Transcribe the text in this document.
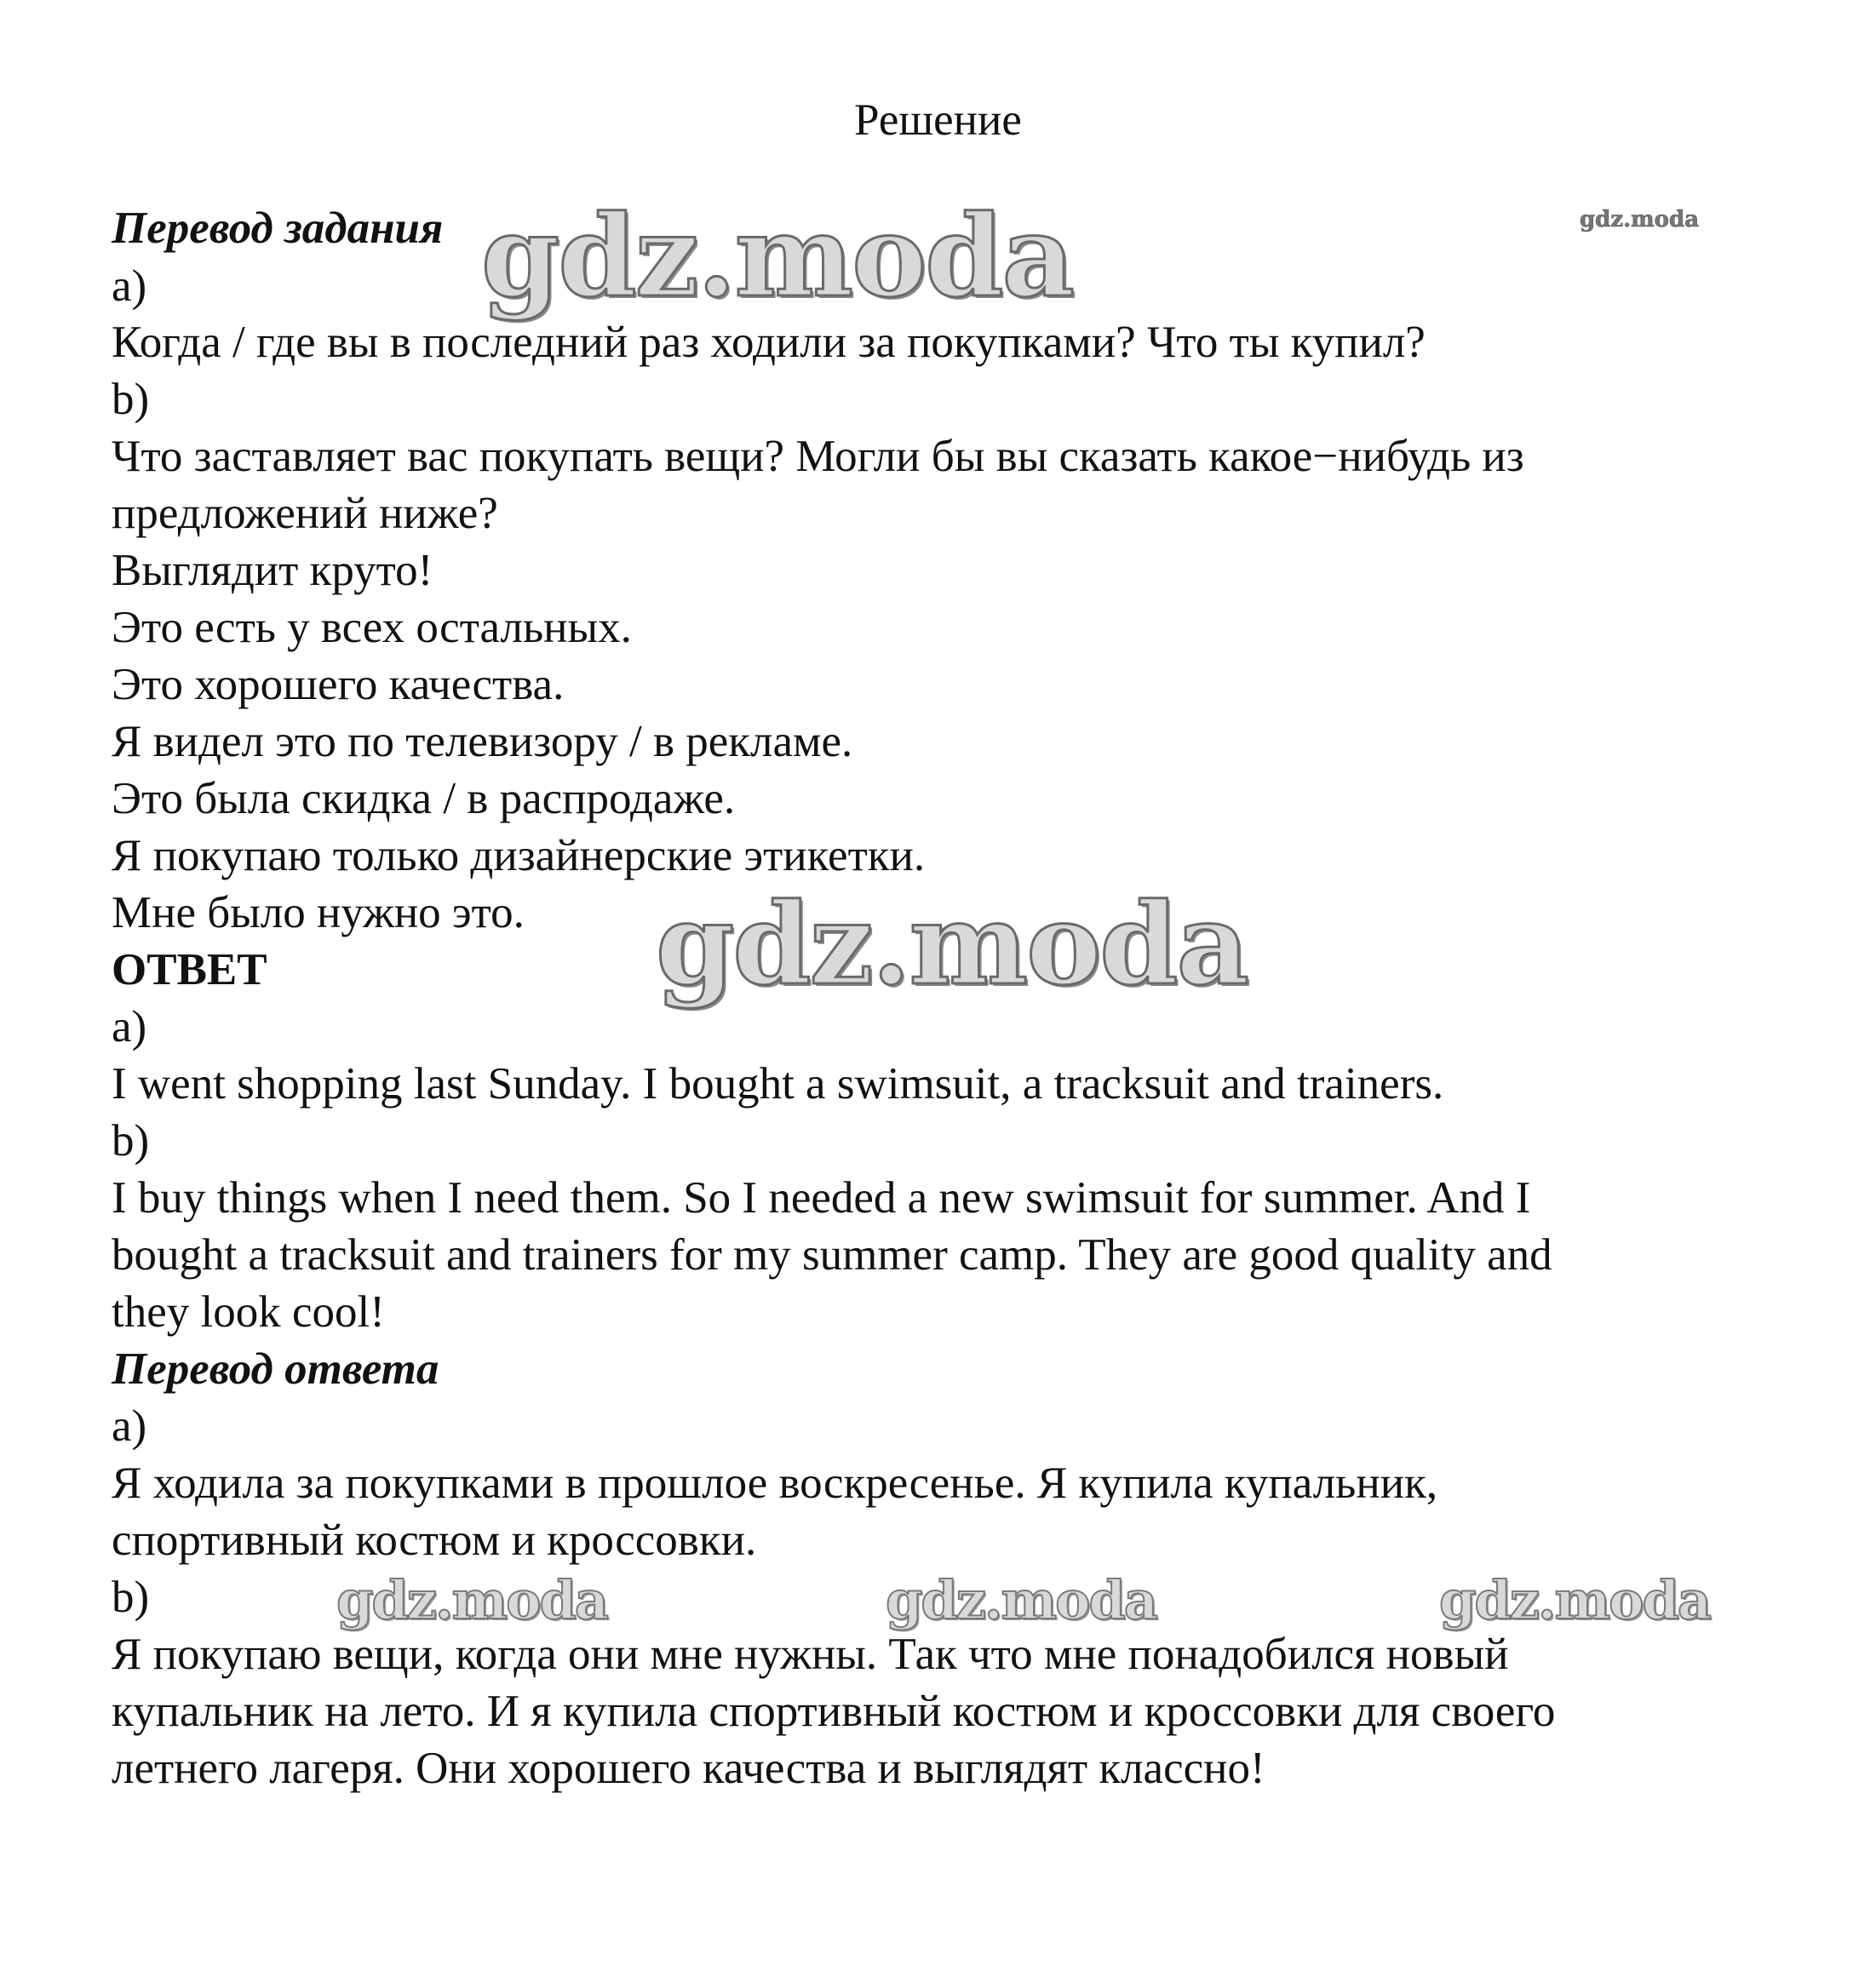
Решение
Перевод задания
a)
Когда / где вы в последний раз ходили за покупками? Что ты купил?
b)
Что заставляет вас покупать вещи? Могли бы вы сказать какое−нибудь из
предложений ниже?
Выглядит круто!
Это есть у всех остальных.
Это хорошего качества.
Я видел это по телевизору / в рекламе.
Это была скидка / в распродаже.
Я покупаю только дизайнерские этикетки.
Мне было нужно это.
ОТВЕТ
a)
I went shopping last Sunday. I bought a swimsuit, a tracksuit and trainers.
b)
I buy things when I need them. So I needed a new swimsuit for summer. And I
bought a tracksuit and trainers for my summer camp. They are good quality and
they look cool!
Перевод ответа
a)
Я ходила за покупками в прошлое воскресенье. Я купила купальник,
спортивный костюм и кроссовки.
b)
Я покупаю вещи, когда они мне нужны. Так что мне понадобился новый
купальник на лето. И я купила спортивный костюм и кроссовки для своего
летнего лагеря. Они хорошего качества и выглядят классно!
gdz.moda	gdz.moda
gdz.moda
gdz.moda	gdz.moda	gdz.moda
